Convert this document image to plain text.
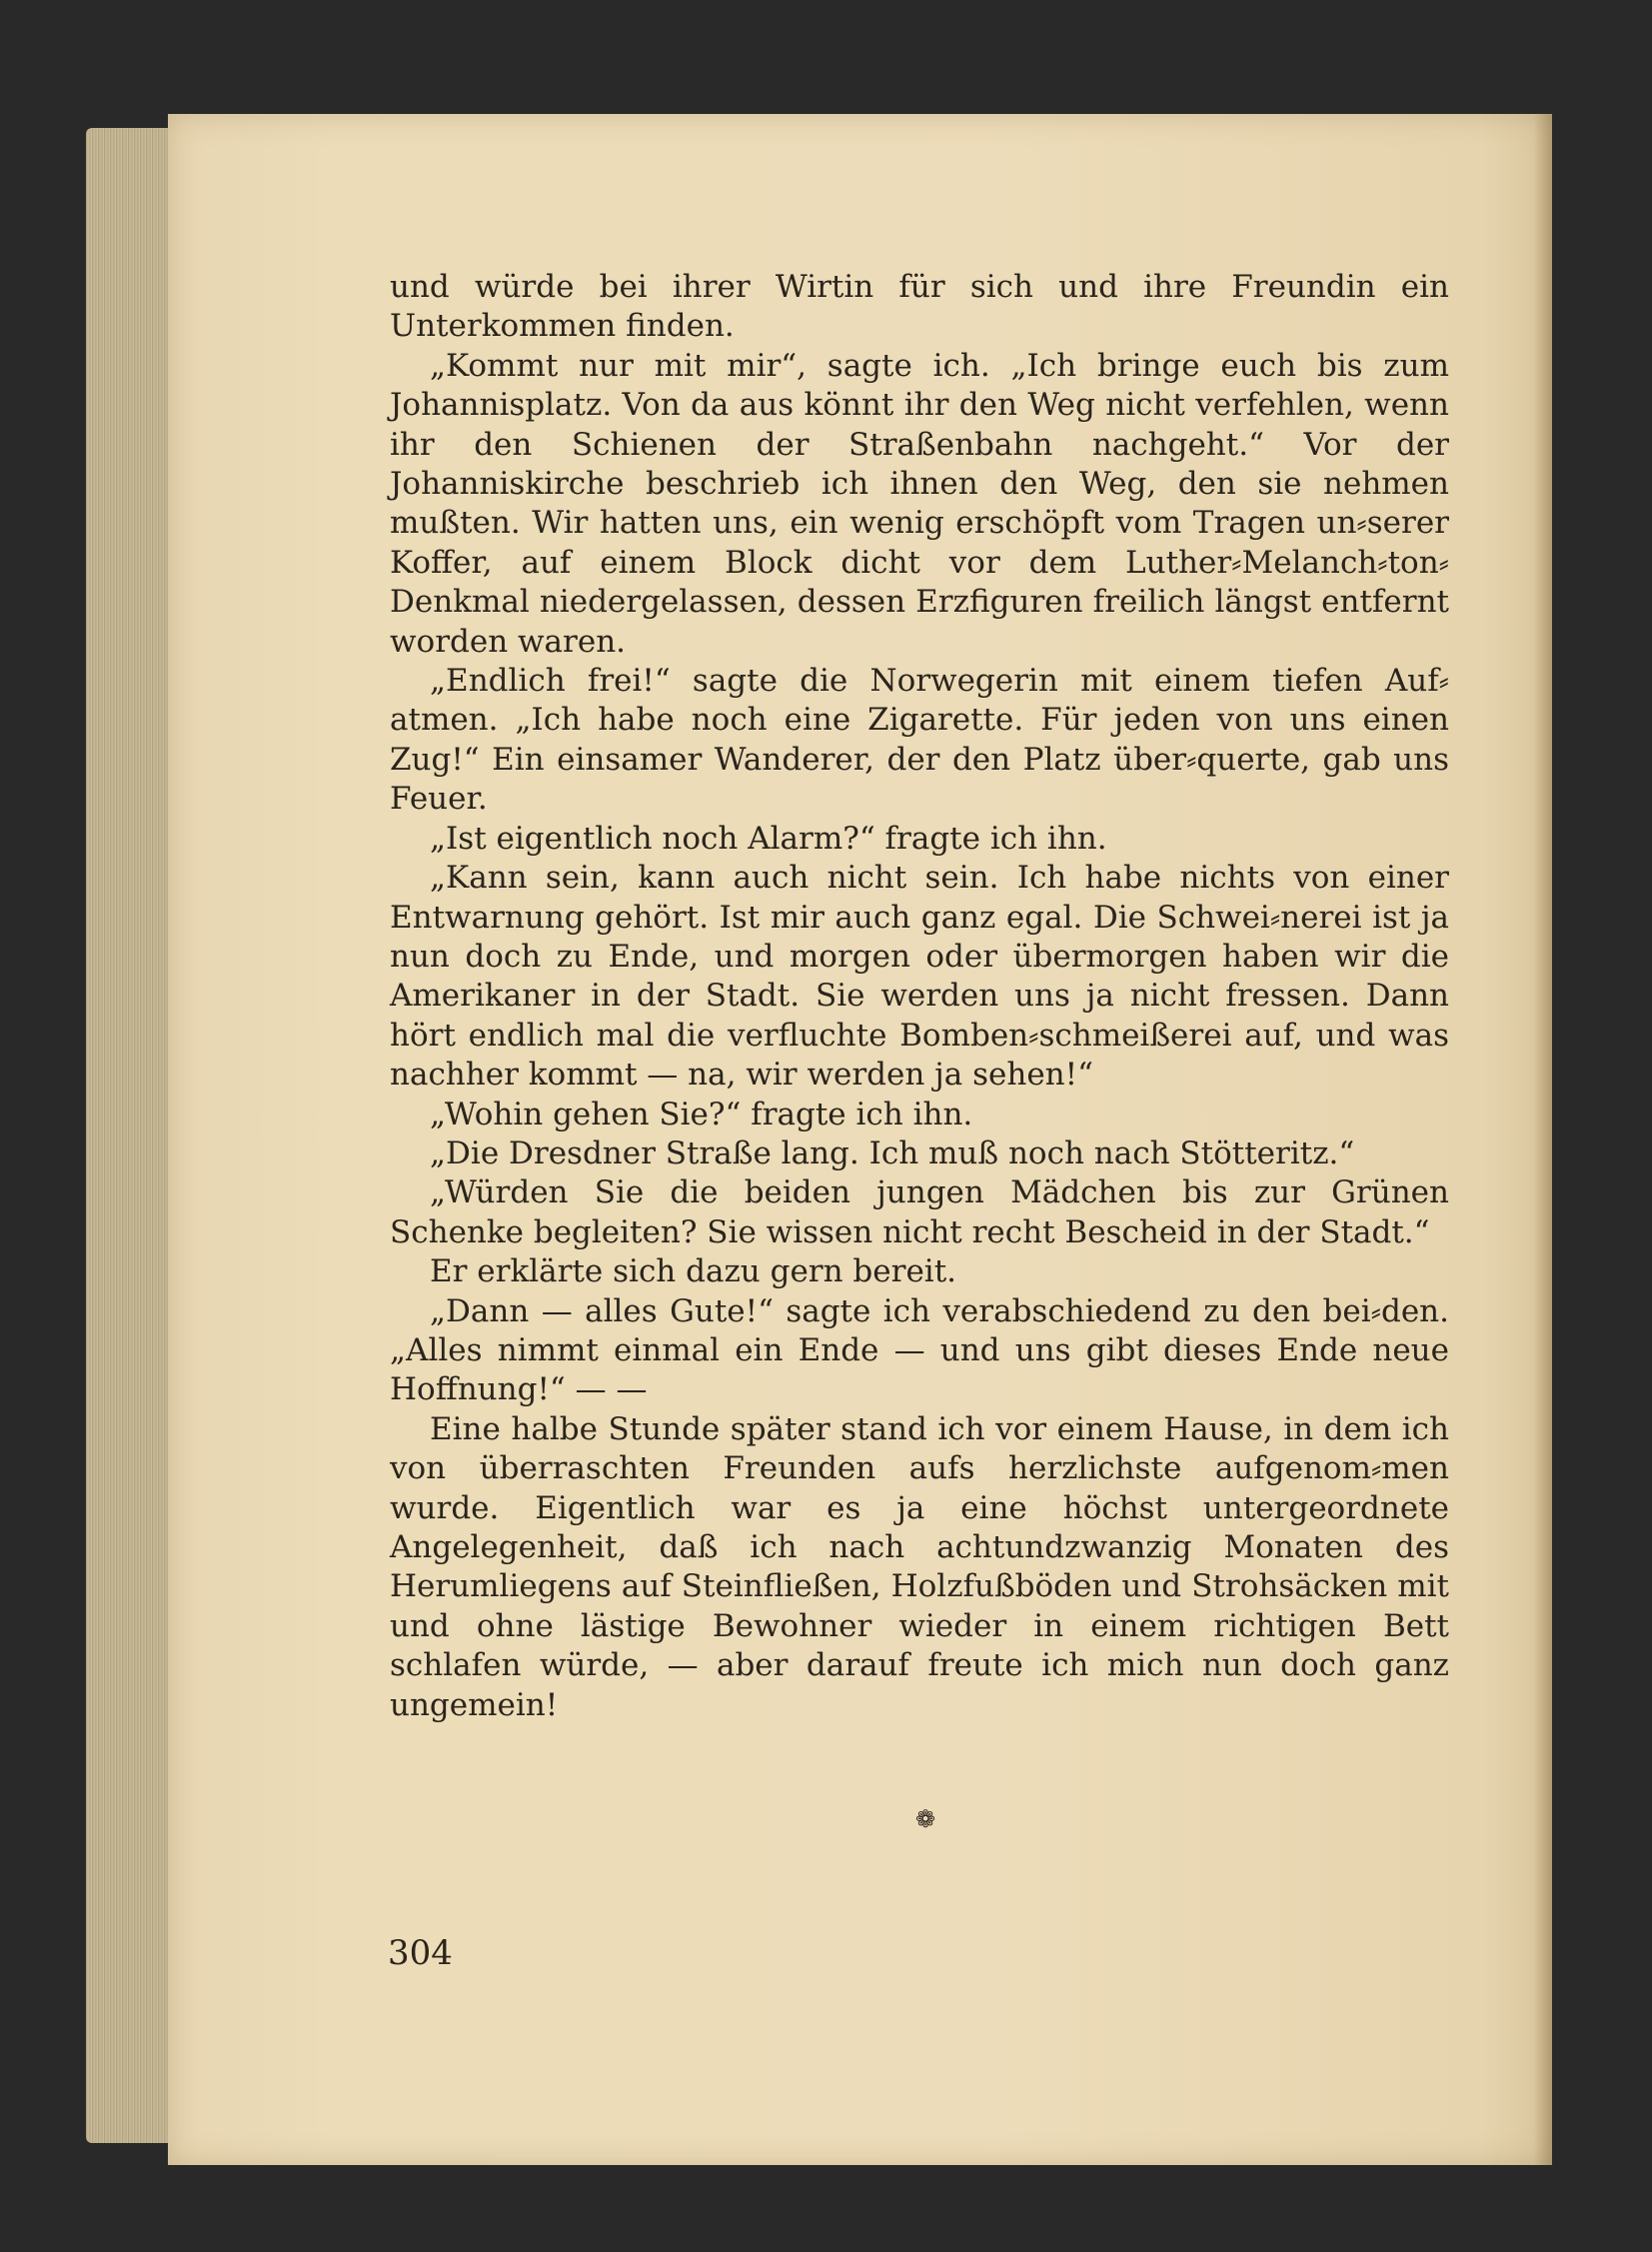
und würde bei ihrer Wirtin für sich und ihre Freundin ein Unterkommen finden.

„Kommt nur mit mir“, sagte ich. „Ich bringe euch bis zum Johannisplatz. Von da aus könnt ihr den Weg nicht verfehlen, wenn ihr den Schienen der Straßenbahn nachgeht.“ Vor der Johanniskirche beschrieb ich ihnen den Weg, den sie nehmen mußten. Wir hatten uns, ein wenig erschöpft vom Tragen un⸗serer Koffer, auf einem Block dicht vor dem Luther⸗Melanch⸗ton⸗Denkmal niedergelassen, dessen Erzfiguren freilich längst entfernt worden waren.

„Endlich frei!“ sagte die Norwegerin mit einem tiefen Auf⸗atmen. „Ich habe noch eine Zigarette. Für jeden von uns einen Zug!“ Ein einsamer Wanderer, der den Platz über⸗querte, gab uns Feuer.

„Ist eigentlich noch Alarm?“ fragte ich ihn.

„Kann sein, kann auch nicht sein. Ich habe nichts von einer Entwarnung gehört. Ist mir auch ganz egal. Die Schwei⸗nerei ist ja nun doch zu Ende, und morgen oder übermorgen haben wir die Amerikaner in der Stadt. Sie werden uns ja nicht fressen. Dann hört endlich mal die verfluchte Bomben⸗schmeißerei auf, und was nachher kommt — na, wir werden ja sehen!“

„Wohin gehen Sie?“ fragte ich ihn.

„Die Dresdner Straße lang. Ich muß noch nach Stötteritz.“

„Würden Sie die beiden jungen Mädchen bis zur Grünen Schenke begleiten? Sie wissen nicht recht Bescheid in der Stadt.“

Er erklärte sich dazu gern bereit.

„Dann — alles Gute!“ sagte ich verabschiedend zu den bei⸗den. „Alles nimmt einmal ein Ende — und uns gibt dieses Ende neue Hoffnung!“ — —

Eine halbe Stunde später stand ich vor einem Hause, in dem ich von überraschten Freunden aufs herzlichste aufgenom⸗men wurde. Eigentlich war es ja eine höchst untergeordnete Angelegenheit, daß ich nach achtundzwanzig Monaten des Herumliegens auf Steinfließen, Holzfußböden und Strohsäcken mit und ohne lästige Bewohner wieder in einem richtigen Bett schlafen würde, — aber darauf freute ich mich nun doch ganz ungemein!

❁
304
